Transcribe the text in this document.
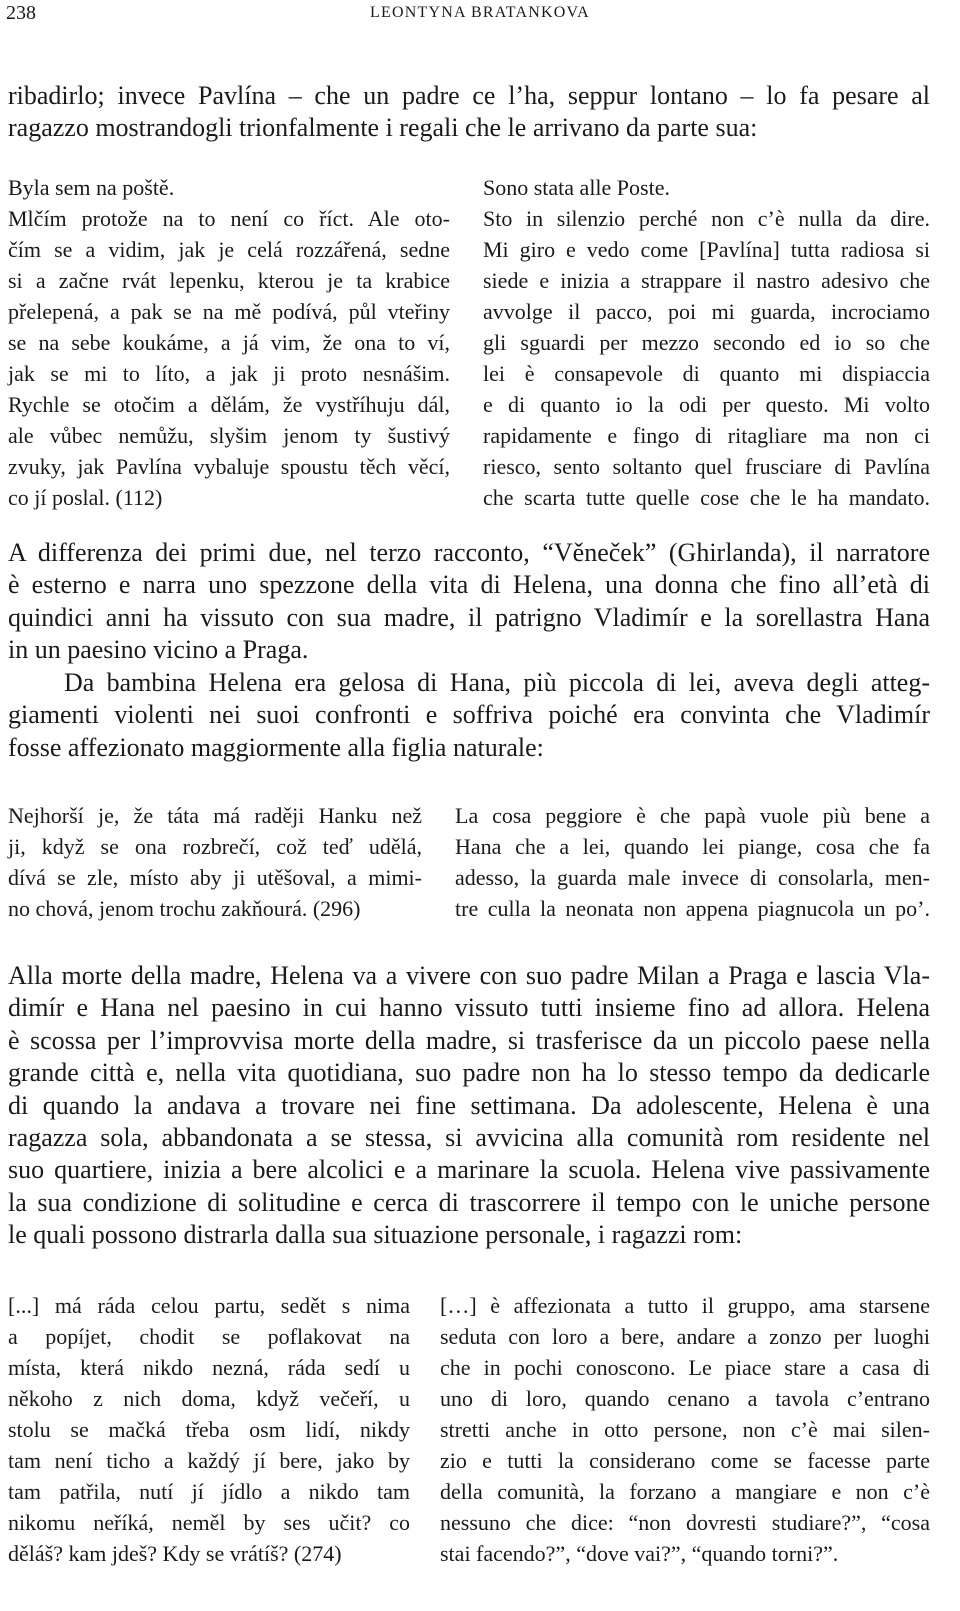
238	LEONTYNA BRATANKOVA
ribadirlo; invece Pavlína – che un padre ce l’ha, seppur lontano – lo fa pesare al
ragazzo mostrandogli trionfalmente i regali che le arrivano da parte sua:
Byla sem na poště.
Mlčím protože na to není co říct. Ale oto-
čím se a vidim, jak je celá rozzářená, sedne
si a začne rvát lepenku, kterou je ta krabice
přelepená, a pak se na mě podívá, půl vteřiny
se na sebe koukáme, a já vim, že ona to ví,
jak se mi to líto, a jak ji proto nesnášim.
Rychle se otočim a dělám, že vystříhuju dál,
ale vůbec nemůžu, slyšim jenom ty šustivý
zvuky, jak Pavlína vybaluje spoustu těch věcí,
co jí poslal. (112)
Sono stata alle Poste.
Sto in silenzio perché non c’è nulla da dire.
Mi giro e vedo come [Pavlína] tutta radiosa si
siede e inizia a strappare il nastro adesivo che
avvolge il pacco, poi mi guarda, incrociamo
gli sguardi per mezzo secondo ed io so che
lei è consapevole di quanto mi dispiaccia
e di quanto io la odi per questo. Mi volto
rapidamente e fingo di ritagliare ma non ci
riesco, sento soltanto quel frusciare di Pavlína
che scarta tutte quelle cose che le ha mandato.
A differenza dei primi due, nel terzo racconto, “Věneček” (Ghirlanda), il narratore
è esterno e narra uno spezzone della vita di Helena, una donna che fino all’età di
quindici anni ha vissuto con sua madre, il patrigno Vladimír e la sorellastra Hana
in un paesino vicino a Praga.
Da bambina Helena era gelosa di Hana, più piccola di lei, aveva degli atteg-
giamenti violenti nei suoi confronti e soffriva poiché era convinta che Vladimír
fosse affezionato maggiormente alla figlia naturale:
Nejhorší je, že táta má raději Hanku než
ji, když se ona rozbrečí, což teď udělá,
dívá se zle, místo aby ji utěšoval, a mimi-
no chová, jenom trochu zakňourá. (296)
La cosa peggiore è che papà vuole più bene a
Hana che a lei, quando lei piange, cosa che fa
adesso, la guarda male invece di consolarla, men-
tre culla la neonata non appena piagnucola un po’.
Alla morte della madre, Helena va a vivere con suo padre Milan a Praga e lascia Vla-
dimír e Hana nel paesino in cui hanno vissuto tutti insieme fino ad allora. Helena
è scossa per l’improvvisa morte della madre, si trasferisce da un piccolo paese nella
grande città e, nella vita quotidiana, suo padre non ha lo stesso tempo da dedicarle
di quando la andava a trovare nei fine settimana. Da adolescente, Helena è una
ragazza sola, abbandonata a se stessa, si avvicina alla comunità rom residente nel
suo quartiere, inizia a bere alcolici e a marinare la scuola. Helena vive passivamente
la sua condizione di solitudine e cerca di trascorrere il tempo con le uniche persone
le quali possono distrarla dalla sua situazione personale, i ragazzi rom:
[...] má ráda celou partu, sedět s nima
a popíjet, chodit se poflakovat na
místa, která nikdo nezná, ráda sedí u
někoho z nich doma, když večeří, u
stolu se mačká třeba osm lidí, nikdy
tam není ticho a každý jí bere, jako by
tam patřila, nutí jí jídlo a nikdo tam
nikomu neříká, neměl by ses učit? co
děláš? kam jdeš? Kdy se vrátíš? (274)
[…] è affezionata a tutto il gruppo, ama starsene
seduta con loro a bere, andare a zonzo per luoghi
che in pochi conoscono. Le piace stare a casa di
uno di loro, quando cenano a tavola c’entrano
stretti anche in otto persone, non c’è mai silen-
zio e tutti la considerano come se facesse parte
della comunità, la forzano a mangiare e non c’è
nessuno che dice: “non dovresti studiare?”, “cosa
stai facendo?”, “dove vai?”, “quando torni?”.
